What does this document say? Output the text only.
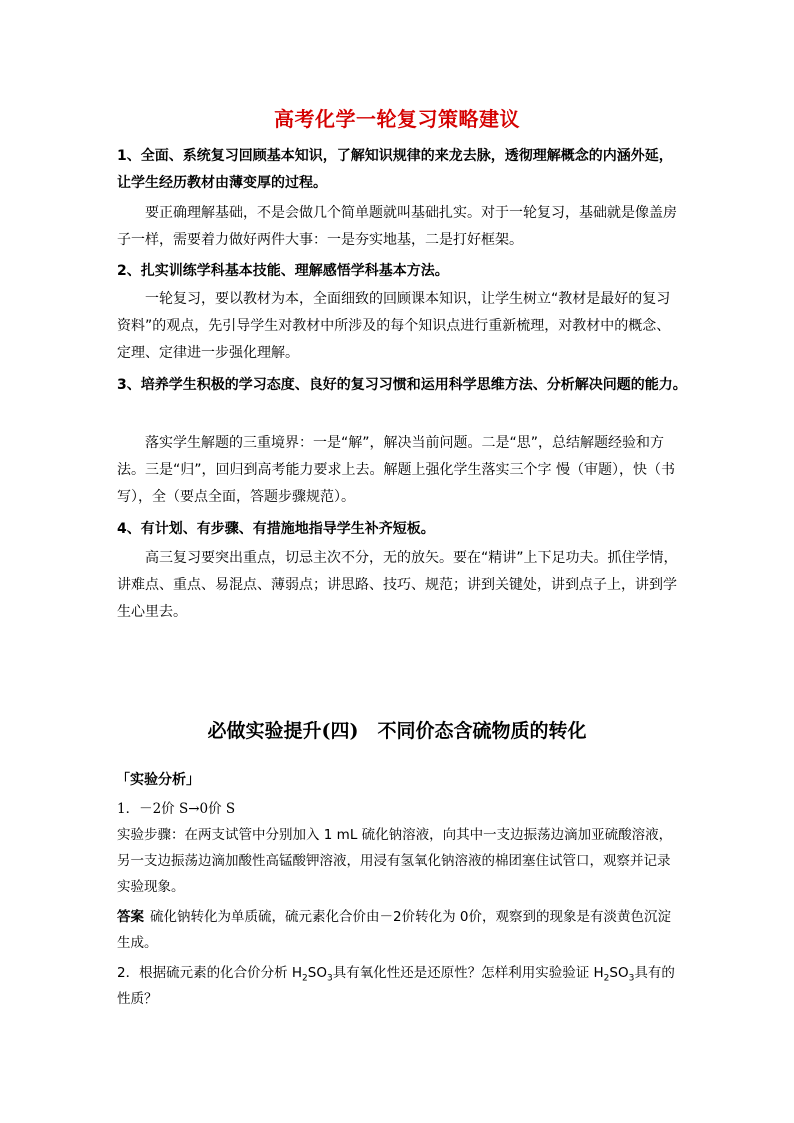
高考化学一轮复习策略建议
1、全面、系统复习回顾基本知识，了解知识规律的来龙去脉，透彻理解概念的内涵外延，让学生经历教材由薄变厚的过程。
要正确理解基础，不是会做几个简单题就叫基础扎实。对于一轮复习，基础就是像盖房子一样，需要着力做好两件大事：一是夯实地基，二是打好框架。
2、扎实训练学科基本技能、理解感悟学科基本方法。
一轮复习，要以教材为本，全面细致的回顾课本知识，让学生树立“教材是最好的复习资料”的观点，先引导学生对教材中所涉及的每个知识点进行重新梳理，对教材中的概念、定理、定律进一步强化理解。
3、培养学生积极的学习态度、良好的复习习惯和运用科学思维方法、分析解决问题的能力。
落实学生解题的三重境界：一是“解”，解决当前问题。二是“思”，总结解题经验和方法。三是“归”，回归到高考能力要求上去。解题上强化学生落实三个字 慢（审题），快（书写），全（要点全面，答题步骤规范）。
4、有计划、有步骤、有措施地指导学生补齐短板。
高三复习要突出重点，切忌主次不分，无的放矢。要在“精讲”上下足功夫。抓住学情，讲难点、重点、易混点、薄弱点；讲思路、技巧、规范；讲到关键处，讲到点子上，讲到学生心里去。
必做实验提升(四)　不同价态含硫物质的转化
「实验分析」
1．－2价 S→0价 S
实验步骤：在两支试管中分别加入 1 mL 硫化钠溶液，向其中一支边振荡边滴加亚硫酸溶液，另一支边振荡边滴加酸性高锰酸钾溶液，用浸有氢氧化钠溶液的棉团塞住试管口，观察并记录实验现象。
答案 硫化钠转化为单质硫，硫元素化合价由－2价转化为 0价，观察到的现象是有淡黄色沉淀生成。
2．根据硫元素的化合价分析 $H_2SO_3$具有氧化性还是还原性？怎样利用实验验证 $H_2SO_3$具有的性质？
